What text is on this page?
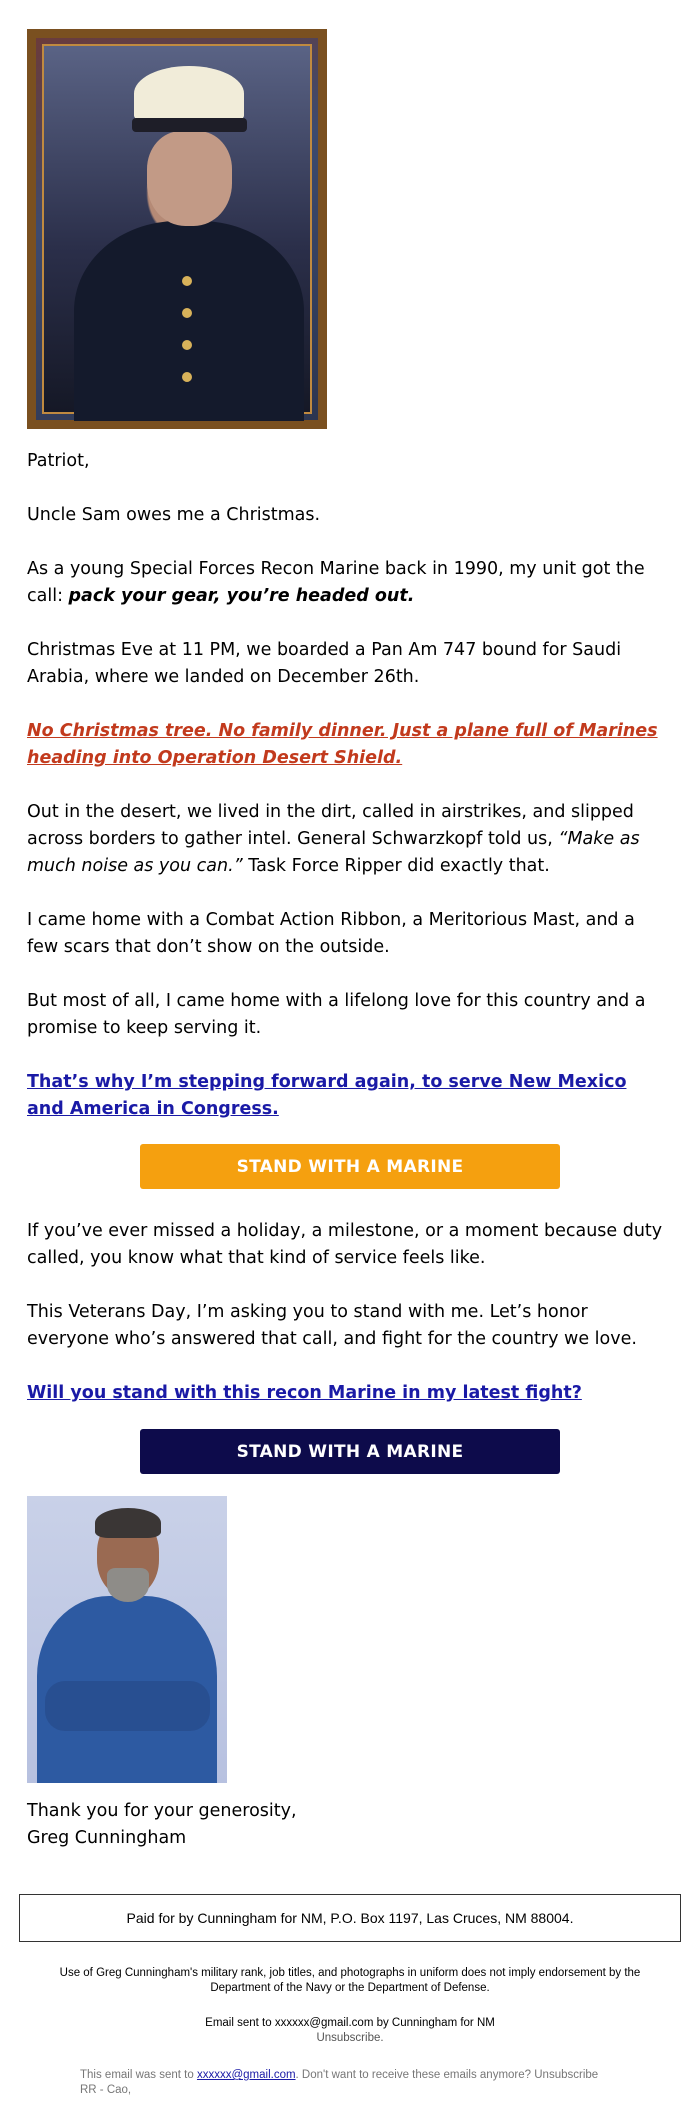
Patriot,
Uncle Sam owes me a Christmas.
As a young Special Forces Recon Marine back in 1990, my unit got the call: pack your gear, you’re headed out.
Christmas Eve at 11 PM, we boarded a Pan Am 747 bound for Saudi Arabia, where we landed on December 26th.
No Christmas tree. No family dinner. Just a plane full of Marines heading into Operation Desert Shield.
Out in the desert, we lived in the dirt, called in airstrikes, and slipped across borders to gather intel. General Schwarzkopf told us, “Make as much noise as you can.” Task Force Ripper did exactly that.
I came home with a Combat Action Ribbon, a Meritorious Mast, and a few scars that don’t show on the outside.
But most of all, I came home with a lifelong love for this country and a promise to keep serving it.
That’s why I’m stepping forward again, to serve New Mexico and America in Congress.
STAND WITH A MARINE
If you’ve ever missed a holiday, a milestone, or a moment because duty called, you know what that kind of service feels like.
This Veterans Day, I’m asking you to stand with me. Let’s honor everyone who’s answered that call, and fight for the country we love.
Will you stand with this recon Marine in my latest fight?
STAND WITH A MARINE
Thank you for your generosity,
Greg Cunningham
Paid for by Cunningham for NM, P.O. Box 1197, Las Cruces, NM 88004.
Use of Greg Cunningham's military rank, job titles, and photographs in uniform does not imply endorsement by the Department of the Navy or the Department of Defense.
Email sent to xxxxxx@gmail.com by Cunningham for NM
Unsubscribe.
This email was sent to xxxxxx@gmail.com. Don't want to receive these emails anymore? Unsubscribe
RR - Cao,
